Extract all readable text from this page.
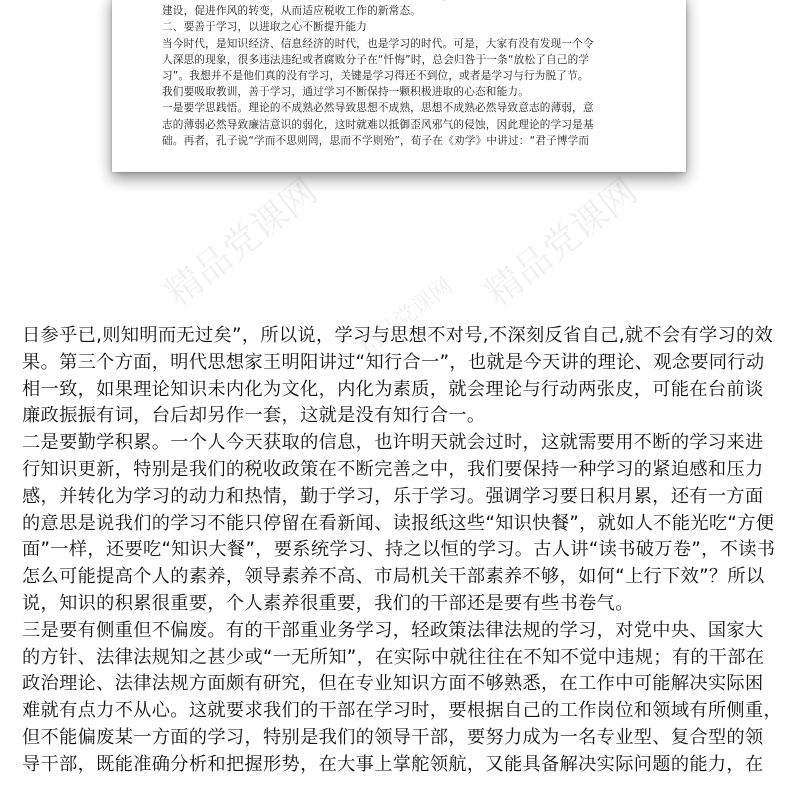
建设，促进作风的转变，从而适应税收工作的新常态。
二、要善于学习，以进取之心不断提升能力
当今时代，是知识经济、信息经济的时代，也是学习的时代。可是，大家有没有发现一个令
人深思的现象，很多违法违纪或者腐败分子在“忏悔”时，总会归咎于一条“放松了自己的学
习”。我想并不是他们真的没有学习，关键是学习得还不到位，或者是学习与行为脱了节。
我们要吸取教训，善于学习，通过学习不断保持一颗积极进取的心态和能力。
一是要学思践悟。理论的不成熟必然导致思想不成熟，思想不成熟必然导致意志的薄弱，意
志的薄弱必然导致廉洁意识的弱化，这时就难以抵御歪风邪气的侵蚀，因此理论的学习是基
础。再者，孔子说“学而不思则罔，思而不学则殆”，荀子在《劝学》中讲过：“君子博学而
精品党课网	精品党课网
精品党课网
日参乎已,则知明而无过矣”，所以说，学习与思想不对号,不深刻反省自己,就不会有学习的效
果。第三个方面，明代思想家王明阳讲过“知行合一”，也就是今天讲的理论、观念要同行动
相一致，如果理论知识未内化为文化，内化为素质，就会理论与行动两张皮，可能在台前谈
廉政振振有词，台后却另作一套，这就是没有知行合一。
二是要勤学积累。一个人今天获取的信息，也许明天就会过时，这就需要用不断的学习来进
行知识更新，特别是我们的税收政策在不断完善之中，我们要保持一种学习的紧迫感和压力
感，并转化为学习的动力和热情，勤于学习，乐于学习。强调学习要日积月累，还有一方面
的意思是说我们的学习不能只停留在看新闻、读报纸这些“知识快餐”，就如人不能光吃“方便
面”一样，还要吃“知识大餐”，要系统学习、持之以恒的学习。古人讲“读书破万卷”，不读书
怎么可能提高个人的素养，领导素养不高、市局机关干部素养不够，如何“上行下效”？所以
说，知识的积累很重要，个人素养很重要，我们的干部还是要有些书卷气。
三是要有侧重但不偏废。有的干部重业务学习，轻政策法律法规的学习，对党中央、国家大
的方针、法律法规知之甚少或“一无所知”，在实际中就往往在不知不觉中违规；有的干部在
政治理论、法律法规方面颇有研究，但在专业知识方面不够熟悉，在工作中可能解决实际困
难就有点力不从心。这就要求我们的干部在学习时，要根据自己的工作岗位和领域有所侧重，
但不能偏废某一方面的学习，特别是我们的领导干部，要努力成为一名专业型、复合型的领
导干部，既能准确分析和把握形势，在大事上掌舵领航，又能具备解决实际问题的能力，在
